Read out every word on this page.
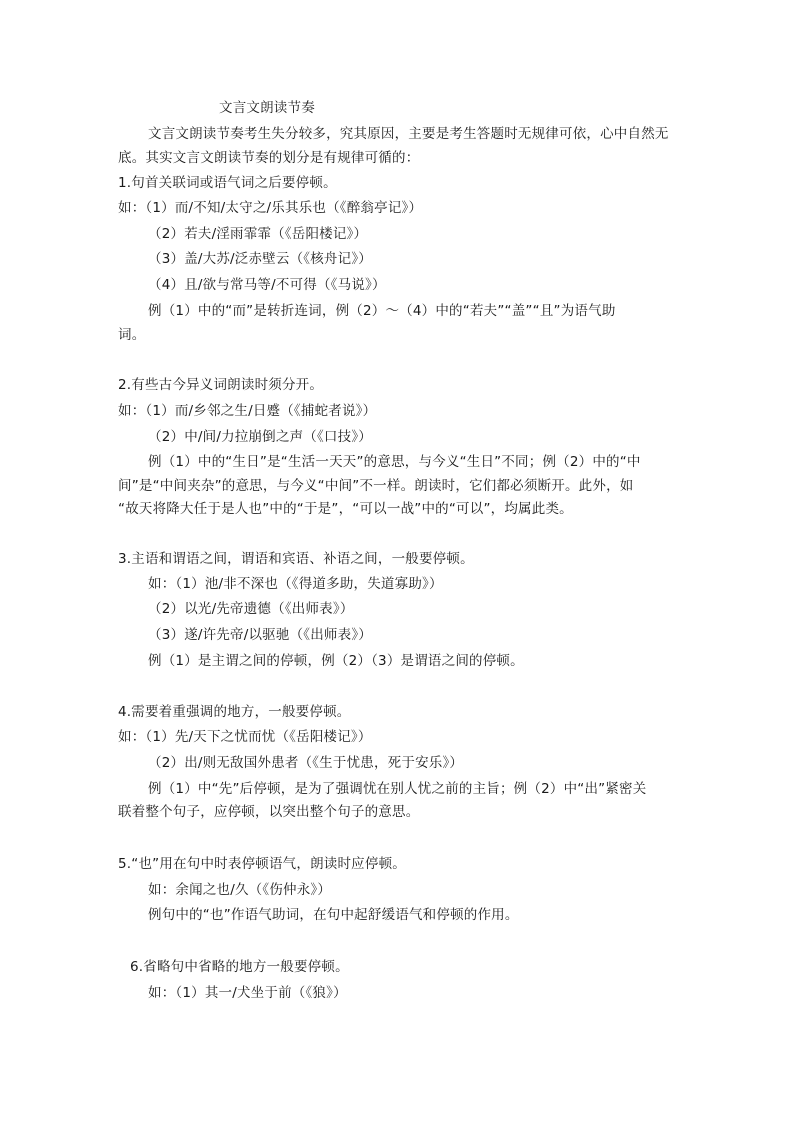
文言文朗读节奏
文言文朗读节奏考生失分较多，究其原因，主要是考生答题时无规律可依，心中自然无
底。其实文言文朗读节奏的划分是有规律可循的：
1.句首关联词或语气词之后要停顿。
如：（1）而/不知/太守之/乐其乐也（《醉翁亭记》）
（2）若夫/淫雨霏霏（《岳阳楼记》）
（3）盖/大苏/泛赤壁云（《核舟记》）
（4）且/欲与常马等/不可得（《马说》）
例（1）中的“而”是转折连词，例（2）～（4）中的“若夫”“盖”“且”为语气助
词。
2.有些古今异义词朗读时须分开。
如：（1）而/乡邻之生/日蹙（《捕蛇者说》）
（2）中/间/力拉崩倒之声（《口技》）
例（1）中的“生日”是“生活一天天”的意思，与今义“生日”不同；例（2）中的“中
间”是“中间夹杂”的意思，与今义“中间”不一样。朗读时，它们都必须断开。此外，如
“故天将降大任于是人也”中的“于是”，“可以一战”中的“可以”，均属此类。
3.主语和谓语之间，谓语和宾语、补语之间，一般要停顿。
如：（1）池/非不深也（《得道多助，失道寡助》）
（2）以光/先帝遗德（《出师表》）
（3）遂/许先帝/以驱驰（《出师表》）
例（1）是主谓之间的停顿，例（2）（3）是谓语之间的停顿。
4.需要着重强调的地方，一般要停顿。
如：（1）先/天下之忧而忧（《岳阳楼记》）
（2）出/则无敌国外患者（《生于忧患，死于安乐》）
例（1）中“先”后停顿，是为了强调忧在别人忧之前的主旨；例（2）中“出”紧密关
联着整个句子，应停顿，以突出整个句子的意思。
5.“也”用在句中时表停顿语气，朗读时应停顿。
如：余闻之也/久（《伤仲永》）
例句中的“也”作语气助词，在句中起舒缓语气和停顿的作用。
6.省略句中省略的地方一般要停顿。
如：（1）其一/犬坐于前（《狼》）
